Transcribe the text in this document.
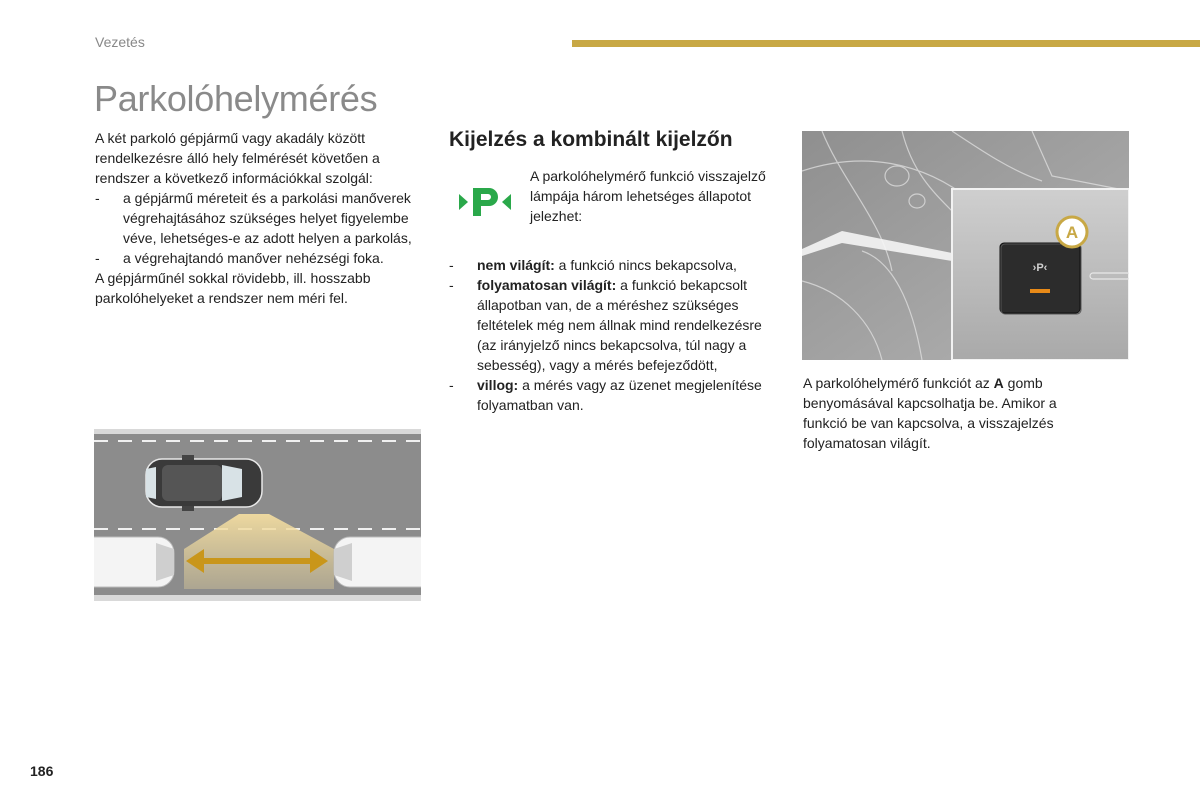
Vezetés
Parkolóhelymérés

A két parkoló gépjármű vagy akadály között rendelkezésre álló hely felmérését követően a rendszer a következő információkkal szolgál:

- a gépjármű méreteit és a parkolási manőverek végrehajtásához szükséges helyet figyelembe véve, lehetséges-e az adott helyen a parkolás,
- a végrehajtandó manőver nehézségi foka.

A gépjárműnél sokkal rövidebb, ill. hosszabb parkolóhelyeket a rendszer nem méri fel.

Kijelzés a kombinált kijelzőn
A parkolóhelymérő funkció visszajelző lámpája három lehetséges állapotot jelezhet:
- nem világít: a funkció nincs bekapcsolva,
- folyamatosan világít: a funkció bekapcsolt állapotban van, de a méréshez szükséges feltételek még nem állnak mind rendelkezésre (az irányjelző nincs bekapcsolva, túl nagy a sebesség), vagy a mérés befejeződött,
- villog: a mérés vagy az üzenet megjelenítése folyamatban van.
›P‹
A
A parkolóhelymérő funkciót az A gomb benyomásával kapcsolhatja be. Amikor a funkció be van kapcsolva, a visszajelzés folyamatosan világít.
186
